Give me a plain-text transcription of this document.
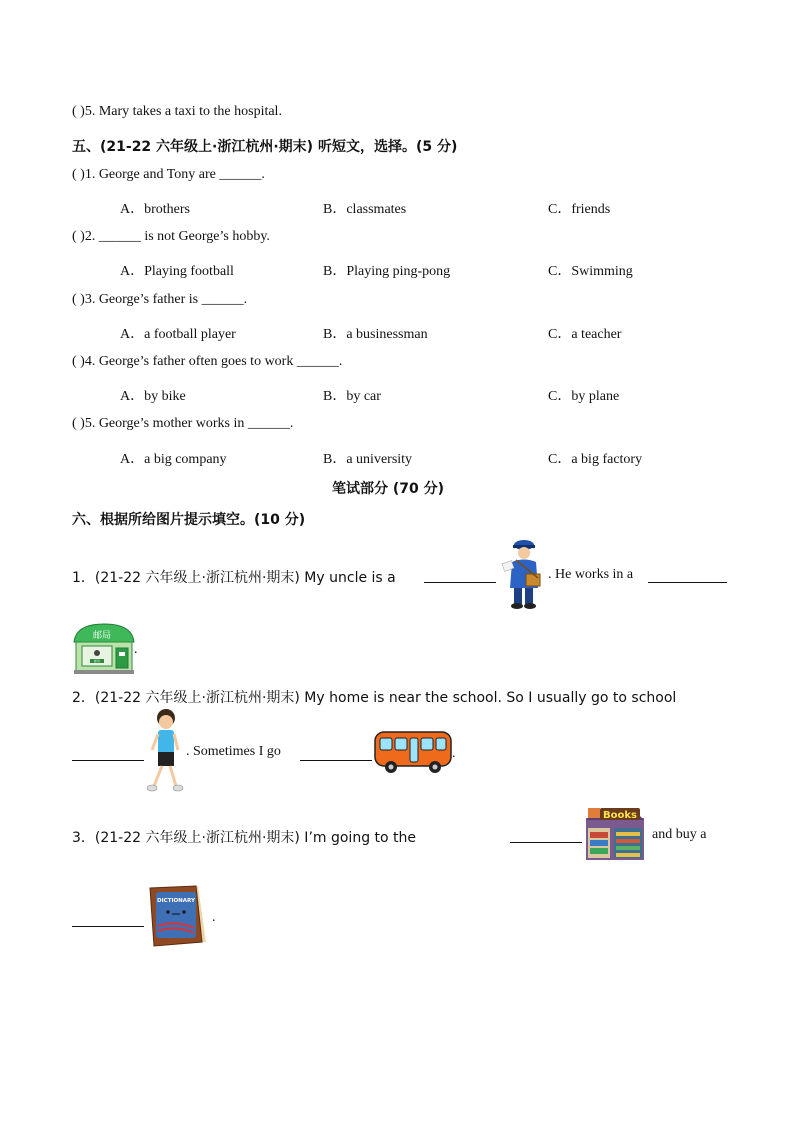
( )5. Mary takes a taxi to the hospital.
五、(21-22 六年级上·浙江杭州·期末) 听短文，选择。(5 分)
( )1. George and Tony are ______.
A．brothers	B．classmates	C．friends
( )2. ______ is not George’s hobby.
A．Playing football	B．Playing ping-pong	C．Swimming
( )3. George’s father is ______.
A．a football player	B．a businessman	C．a teacher
( )4. George’s father often goes to work ______.
A．by bike	B．by car	C．by plane
( )5. George’s mother works in ______.
A．a big company	B．a university	C．a big factory
笔试部分 (70 分)
六、根据所给图片提示填空。(10 分)
1．(21-22 六年级上·浙江杭州·期末) My uncle is a	. He works in a
.
邮局
邮局
2．(21-22 六年级上·浙江杭州·期末) My home is near the school. So I usually go to school
. Sometimes I go	.
3．(21-22 六年级上·浙江杭州·期末) I’m going to the	and buy a
.
Books
DICTIONARY
